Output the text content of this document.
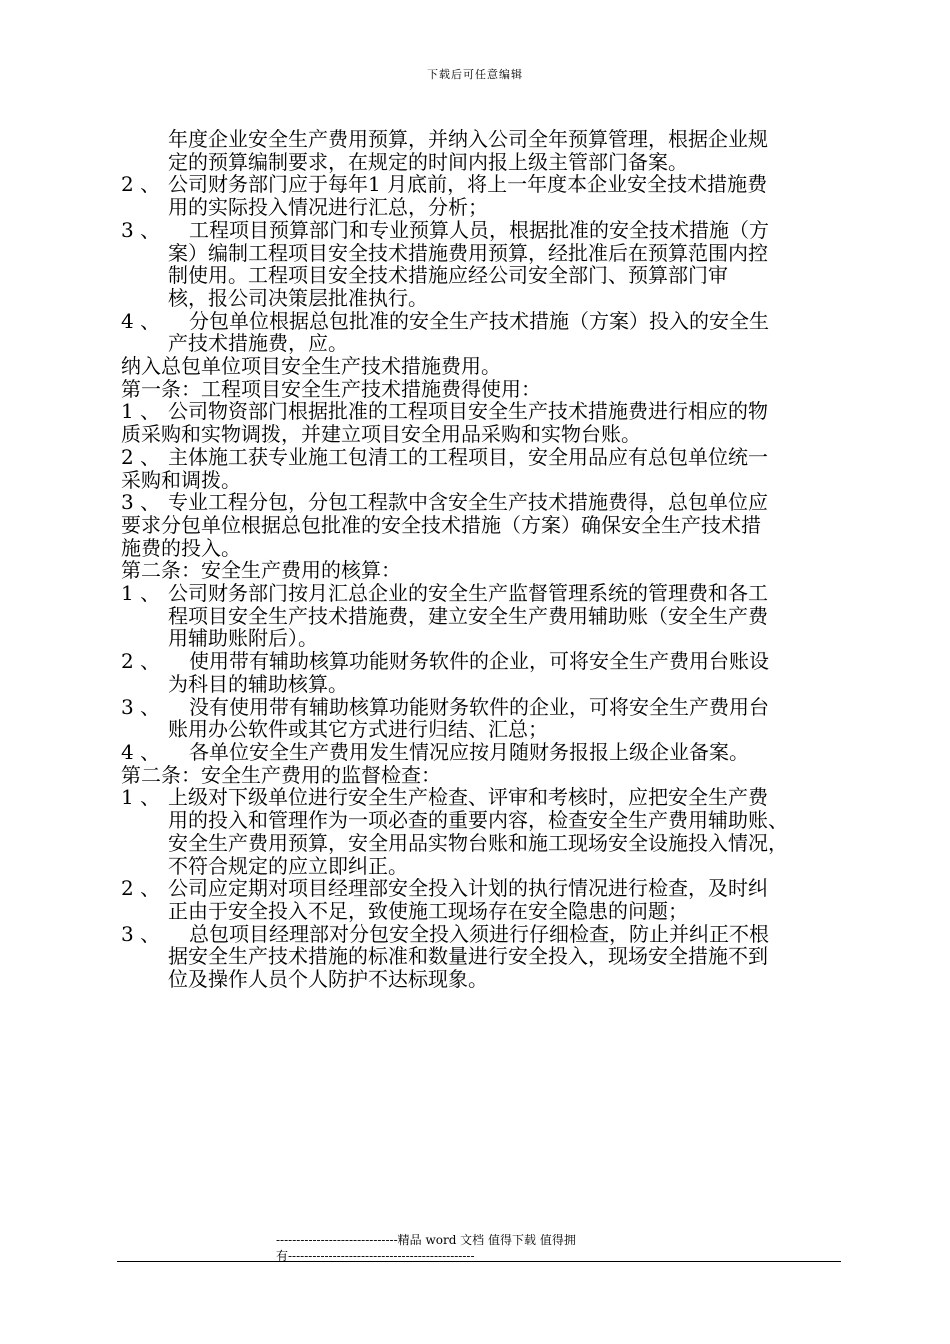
下载后可任意编辑
年度企业安全生产费用预算，并纳入公司全年预算管理，根据企业规
定的预算编制要求，在规定的时间内报上级主管部门备案。
2 、 公司财务部门应于每年1 月底前，将上一年度本企业安全技术措施费
用的实际投入情况进行汇总，分析；
3 、 工程项目预算部门和专业预算人员，根据批准的安全技术措施（方
案）编制工程项目安全技术措施费用预算，经批准后在预算范围内控
制使用。工程项目安全技术措施应经公司安全部门、预算部门审
核，报公司决策层批准执行。
4 、 分包单位根据总包批准的安全生产技术措施（方案）投入的安全生
产技术措施费，应。
纳入总包单位项目安全生产技术措施费用。
第一条：工程项目安全生产技术措施费得使用：
1 、 公司物资部门根据批准的工程项目安全生产技术措施费进行相应的物
质采购和实物调拨，并建立项目安全用品采购和实物台账。
2 、 主体施工获专业施工包清工的工程项目，安全用品应有总包单位统一
采购和调拨。
3 、 专业工程分包，分包工程款中含安全生产技术措施费得，总包单位应
要求分包单位根据总包批准的安全技术措施（方案）确保安全生产技术措
施费的投入。
第二条：安全生产费用的核算：
1 、 公司财务部门按月汇总企业的安全生产监督管理系统的管理费和各工
程项目安全生产技术措施费，建立安全生产费用辅助账（安全生产费
用辅助账附后）。
2 、 使用带有辅助核算功能财务软件的企业，可将安全生产费用台账设
为科目的辅助核算。
3 、 没有使用带有辅助核算功能财务软件的企业，可将安全生产费用台
账用办公软件或其它方式进行归结、汇总；
4 、 各单位安全生产费用发生情况应按月随财务报报上级企业备案。
第二条：安全生产费用的监督检查：
1 、 上级对下级单位进行安全生产检查、评审和考核时，应把安全生产费
用的投入和管理作为一项必查的重要内容，检查安全生产费用辅助账、
安全生产费用预算，安全用品实物台账和施工现场安全设施投入情况，
不符合规定的应立即纠正。
2 、 公司应定期对项目经理部安全投入计划的执行情况进行检查，及时纠
正由于安全投入不足，致使施工现场存在安全隐患的问题；
3 、 总包项目经理部对分包安全投入须进行仔细检查，防止并纠正不根
据安全生产技术措施的标准和数量进行安全投入，现场安全措施不到
位及操作人员个人防护不达标现象。
------------------------------精品 word 文档 值得下载 值得拥
有----------------------------------------------
